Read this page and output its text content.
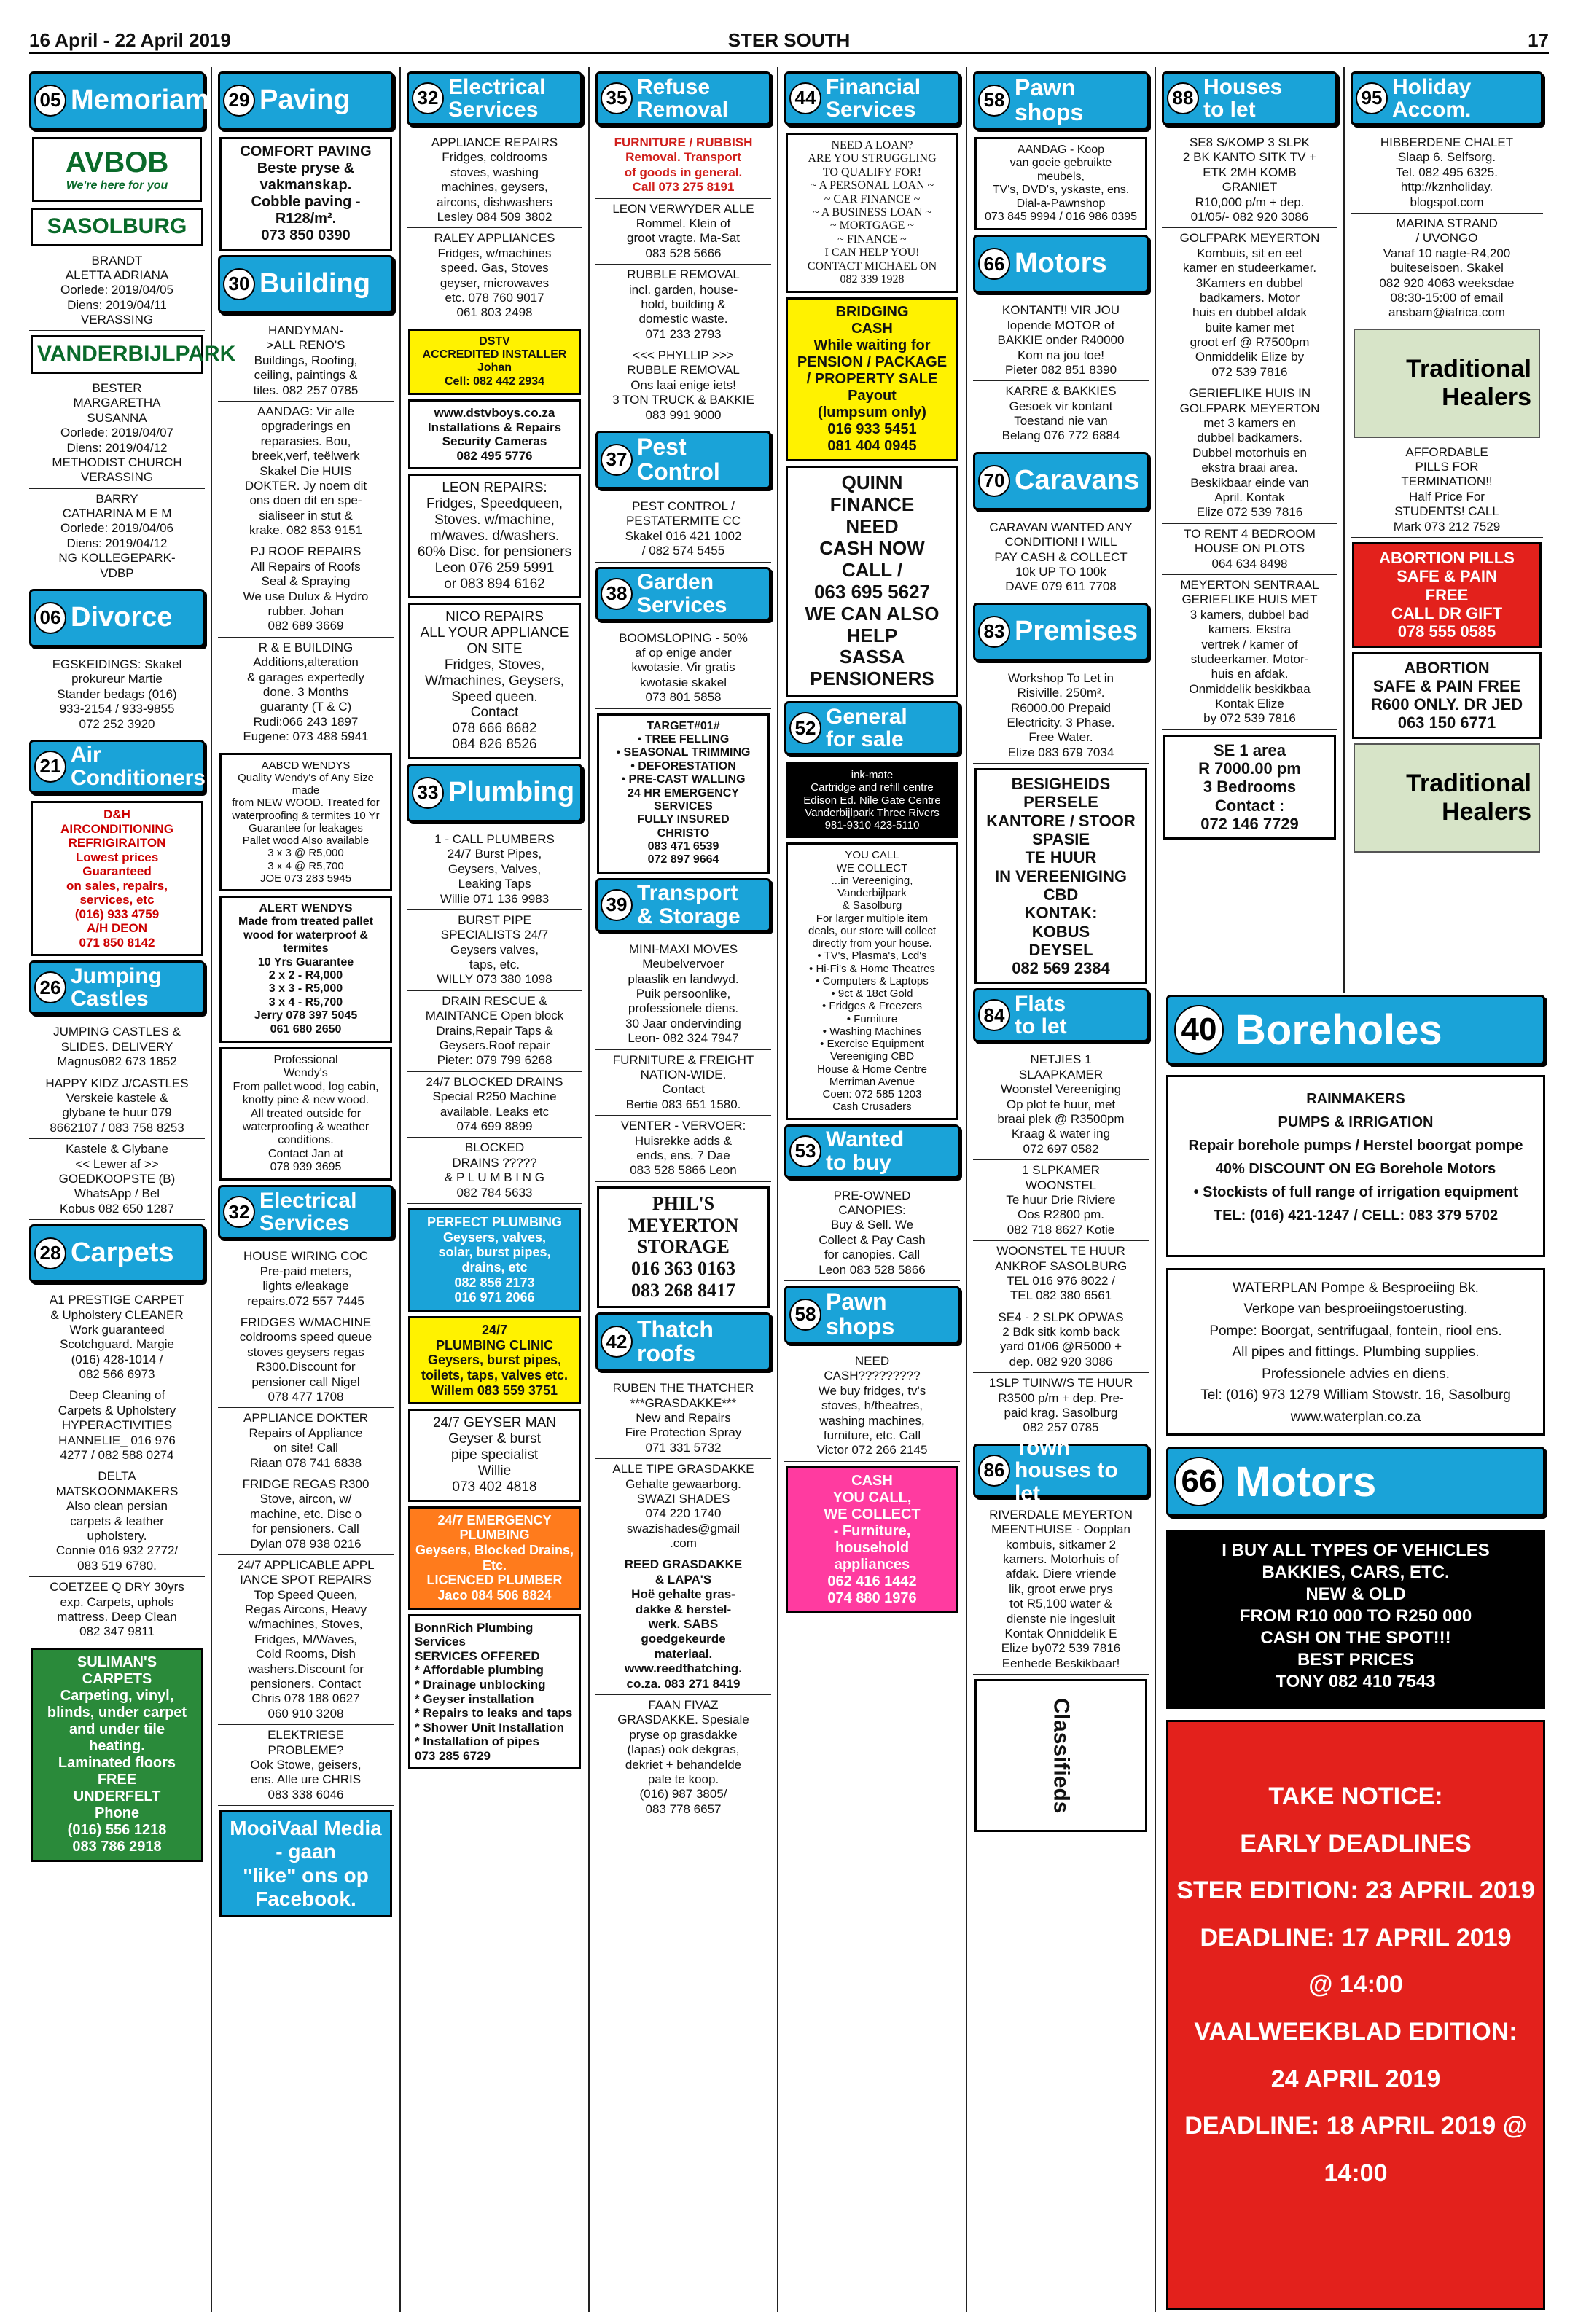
16 April - 22 April 2019	STER SOUTH	17
05 Memoriam
AVBOB
We're here for you
SASOLBURG
BRANDT
ALETTA ADRIANA
Oorlede: 2019/04/05
Diens: 2019/04/11
VERASSING
VANDERBIJLPARK
BESTER
MARGARETHA
SUSANNA
Oorlede: 2019/04/07
Diens: 2019/04/12
METHODIST CHURCH
VERASSING
BARRY
CATHARINA M E M
Oorlede: 2019/04/06
Diens: 2019/04/12
NG KOLLEGEPARK-
VDBP
06 Divorce
EGSKEIDINGS: Skakel
prokureur Martie
Stander bedags (016)
933-2154 / 933-9855
072 252 3920
21 Air
Conditioners
D&H
AIRCONDITIONING
REFRIGIRAITON
Lowest prices
Guaranteed
on sales, repairs,
services, etc
(016) 933 4759
A/H DEON
071 850 8142
26 Jumping
Castles
JUMPING CASTLES &
SLIDES. DELIVERY
Magnus082 673 1852
HAPPY KIDZ J/CASTLES
Verskeie kastele &
glybane te huur 079
8662107 / 083 758 8253
Kastele & Glybane
<< Lewer af >>
GOEDKOOPSTE (B)
WhatsApp / Bel
Kobus 082 650 1287
28 Carpets
A1 PRESTIGE CARPET
& Upholstery CLEANER
Work guaranteed
Scotchguard. Margie
(016) 428-1014 /
082 566 6973
Deep Cleaning of
Carpets & Upholstery
HYPERACTIVITIES
HANNELIE_ 016 976
4277 / 082 588 0274
DELTA
MATSKOONMAKERS
Also clean persian
carpets & leather
upholstery.
Connie 016 932 2772/
083 519 6780.
COETZEE Q DRY 30yrs
exp. Carpets, uphols
mattress. Deep Clean
082 347 9811
SULIMAN'S
CARPETS
Carpeting, vinyl,
blinds, under carpet
and under tile
heating.
Laminated floors
FREE
UNDERFELT
Phone
(016) 556 1218
083 786 2918
29 Paving
COMFORT PAVING
Beste pryse &
vakmanskap.
Cobble paving - R128/m².
073 850 0390
30 Building
HANDYMAN-
>ALL RENO'S
Buildings, Roofing,
ceiling, paintings &
tiles. 082 257 0785
AANDAG: Vir alle
opgraderings en
reparasies. Bou,
breek,verf, teëlwerk
Skakel Die HUIS
DOKTER. Jy noem dit
ons doen dit en spe-
sialiseer in stut &
krake. 082 853 9151
PJ ROOF REPAIRS
All Repairs of Roofs
Seal & Spraying
We use Dulux & Hydro
rubber. Johan
082 689 3669
R & E BUILDING
Additions,alteration
& garages expertedly
done. 3 Months
guaranty (T & C)
Rudi:066 243 1897
Eugene: 073 488 5941
AABCD WENDYS
Quality Wendy's of Any Size made
from NEW WOOD. Treated for
waterproofing & termites 10 Yr
Guarantee for leakages
Pallet wood Also available
3 x 3 @ R5,000
3 x 4 @ R5,700
JOE 073 283 5945
ALERT WENDYS
Made from treated pallet
wood for waterproof &
termites
10 Yrs Guarantee
2 x 2 - R4,000
3 x 3 - R5,000
3 x 4 - R5,700
Jerry 078 397 5045
061 680 2650
Professional
Wendy's
From pallet wood, log cabin,
knotty pine & new wood.
All treated outside for
waterproofing & weather
conditions.
Contact Jan at
078 939 3695
32 Electrical
Services
HOUSE WIRING COC
Pre-paid meters,
lights e/leakage
repairs.072 557 7445
FRIDGES W/MACHINE
coldrooms speed queue
stoves geysers regas
R300.Discount for
pensioner call Nigel
078 477 1708
APPLIANCE DOKTER
Repairs of Appliance
on site! Call
Riaan 078 741 6838
FRIDGE REGAS R300
Stove, aircon, w/
machine, etc. Disc o
for pensioners. Call
Dylan 078 938 0216
24/7 APPLICABLE APPL
IANCE SPOT REPAIRS
Top Speed Queen,
Regas Aircons, Heavy
w/machines, Stoves,
Fridges, M/Waves,
Cold Rooms, Dish
washers.Discount for
pensioners. Contact
Chris 078 188 0627
060 910 3208
ELEKTRIESE
PROBLEME?
Ook Stowe, geisers,
ens. Alle ure CHRIS
083 338 6046
MooiVaal Media - gaan
"like" ons op Facebook.
32 Electrical
Services
APPLIANCE REPAIRS
Fridges, coldrooms
stoves, washing
machines, geysers,
aircons, dishwashers
Lesley 084 509 3802
RALEY APPLIANCES
Fridges, w/machines
speed. Gas, Stoves
geyser, microwaves
etc. 078 760 9017
061 803 2498
DSTV
ACCREDITED INSTALLER
Johan
Cell: 082 442 2934
www.dstvboys.co.za
Installations & Repairs
Security Cameras
082 495 5776
LEON REPAIRS:
Fridges, Speedqueen,
Stoves. w/machine,
m/waves. d/washers.
60% Disc. for pensioners
Leon 076 259 5991
or 083 894 6162
NICO REPAIRS
ALL YOUR APPLIANCE ON SITE
Fridges, Stoves,
W/machines, Geysers,
Speed queen.
Contact
078 666 8682
084 826 8526
33 Plumbing
1 - CALL PLUMBERS
24/7 Burst Pipes,
Geysers, Valves,
Leaking Taps
Willie 071 136 9983
BURST PIPE
SPECIALISTS 24/7
Geysers valves,
taps, etc.
WILLY 073 380 1098
DRAIN RESCUE &
MAINTANCE Open block
Drains,Repair Taps &
Geysers.Roof repair
Pieter: 079 799 6268
24/7 BLOCKED DRAINS
Special R250 Machine
available. Leaks etc
074 699 8899
BLOCKED
DRAINS ?????
& P L U M B I N G
082 784 5633
PERFECT PLUMBING
Geysers, valves,
solar, burst pipes,
drains, etc
082 856 2173
016 971 2066
24/7
PLUMBING CLINIC
Geysers, burst pipes,
toilets, taps, valves etc.
Willem 083 559 3751
24/7 GEYSER MAN
Geyser & burst
pipe specialist
Willie
073 402 4818
24/7 EMERGENCY
PLUMBING
Geysers, Blocked Drains, Etc.
LICENCED PLUMBER
Jaco 084 506 8824
BonnRich Plumbing
Services
SERVICES OFFERED
* Affordable plumbing
* Drainage unblocking
* Geyser installation
* Repairs to leaks and taps
* Shower Unit Installation
* Installation of pipes
073 285 6729
35 Refuse
Removal
FURNITURE / RUBBISH
Removal. Transport
of goods in general.
Call 073 275 8191
LEON VERWYDER ALLE
Rommel. Klein of
groot vragte. Ma-Sat
083 528 5666
RUBBLE REMOVAL
incl. garden, house-
hold, building &
domestic waste.
071 233 2793
<<< PHYLLIP >>>
RUBBLE REMOVAL
Ons laai enige iets!
3 TON TRUCK & BAKKIE
083 991 9000
37 Pest Control
PEST CONTROL /
PESTATERMITE CC
Skakel 016 421 1002
/ 082 574 5455
38 Garden
Services
BOOMSLOPING - 50%
af op enige ander
kwotasie. Vir gratis
kwotasie skakel
073 801 5858
TARGET#01#
• TREE FELLING
• SEASONAL TRIMMING
• DEFORESTATION
• PRE-CAST WALLING
24 HR EMERGENCY SERVICES
FULLY INSURED
CHRISTO
083 471 6539
072 897 9664
39 Transport
& Storage
MINI-MAXI MOVES
Meubelvervoer
plaaslik en landwyd.
Puik persoonlike,
professionele diens.
30 Jaar ondervinding
Leon- 082 324 7947
FURNITURE & FREIGHT
NATION-WIDE.
Contact
Bertie 083 651 1580.
VENTER - VERVOER:
Huisrekke adds &
ends, ens. 7 Dae
083 528 5866 Leon
PHIL'S
MEYERTON STORAGE
016 363 0163
083 268 8417
42 Thatch roofs
RUBEN THE THATCHER
***GRASDAKKE***
New and Repairs
Fire Protection Spray
071 331 5732
ALLE TIPE GRASDAKKE
Gehalte gewaarborg.
SWAZI SHADES
074 220 1740
swazishades@gmail
.com
REED GRASDAKKE
& LAPA'S
Hoë gehalte gras-
dakke & herstel-
werk. SABS
goedgekeurde
materiaal.
www.reedthatching.
co.za. 083 271 8419
FAAN FIVAZ
GRASDAKKE. Spesiale
pryse op grasdakke
(lapas) ook dekgras,
dekriet + behandelde
pale te koop.
(016) 987 3805/
083 778 6657
44 Financial
Services
NEED A LOAN?
ARE YOU STRUGGLING
TO QUALIFY FOR!
~ A PERSONAL LOAN ~
~ CAR FINANCE ~
~ A BUSINESS LOAN ~
~ MORTGAGE ~
~ FINANCE ~
I CAN HELP YOU!
CONTACT MICHAEL ON
082 339 1928
BRIDGING
CASH
While waiting for
PENSION / PACKAGE
/ PROPERTY SALE
Payout
(lumpsum only)
016 933 5451
081 404 0945
QUINN
FINANCE
NEED
CASH NOW
CALL /
063 695 5627
WE CAN ALSO HELP
SASSA PENSIONERS
52 General
for sale
ink-mate
Cartridge and refill centre
Edison Ed. Nile Gate Centre
Vanderbijlpark Three Rivers
981-9310 423-5110
YOU CALL
WE COLLECT
...in Vereeniging,
Vanderbijlpark
& Sasolburg
For larger multiple item
deals, our store will collect
directly from your house.
• TV's, Plasma's, Lcd's
• Hi-Fi's & Home Theatres
• Computers & Laptops
• 9ct & 18ct Gold
• Fridges & Freezers
• Furniture
• Washing Machines
• Exercise Equipment
Vereeniging CBD
House & Home Centre
Merriman Avenue
Coen: 072 585 1203
Cash Crusaders
53 Wanted
to buy
PRE-OWNED
CANOPIES:
Buy & Sell. We
Collect & Pay Cash
for canopies. Call
Leon 083 528 5866
58 Pawn shops
NEED
CASH?????????
We buy fridges, tv's
stoves, h/theatres,
washing machines,
furniture, etc. Call
Victor 072 266 2145
CASH
YOU CALL,
WE COLLECT
- Furniture,
household
appliances
062 416 1442
074 880 1976
58 Pawn shops
AANDAG - Koop
van goeie gebruikte
meubels,
TV's, DVD's, yskaste, ens.
Dial-a-Pawnshop
073 845 9994 / 016 986 0395
66 Motors
KONTANT!! VIR JOU
lopende MOTOR of
BAKKIE onder R40000
Kom na jou toe!
Pieter 082 851 8390
KARRE & BAKKIES
Gesoek vir kontant
Toestand nie van
Belang 076 772 6884
70 Caravans
CARAVAN WANTED ANY
CONDITION! I WILL
PAY CASH & COLLECT
10k UP TO 100k
DAVE 079 611 7708
83 Premises
Workshop To Let in
Risiville. 250m².
R6000.00 Prepaid
Electricity. 3 Phase.
Free Water.
Elize 083 679 7034
BESIGHEIDS
PERSELE
KANTORE / STOOR
SPASIE
TE HUUR
IN VEREENIGING
CBD
KONTAK:
KOBUS
DEYSEL
082 569 2384
84 Flats
to let
NETJIES 1
SLAAPKAMER
Woonstel Vereeniging
Op plot te huur, met
braai plek @ R3500pm
Kraag & water ing
072 697 0582
1 SLPKAMER
WOONSTEL
Te huur Drie Riviere
Oos R2800 pm.
082 718 8627 Kotie
WOONSTEL TE HUUR
ANKROF SASOLBURG
TEL 016 976 8022 /
TEL 082 380 6561
SE4 - 2 SLPK OPWAS
2 Bdk sitk komb back
yard 01/06 @R5000 +
dep. 082 920 3086
1SLP TUINW/S TE HUUR
R3500 p/m + dep. Pre-
paid krag. Sasolburg
082 257 0785
86
Town
houses to let
RIVERDALE MEYERTON
MEENTHUISE - Oopplan
kombuis, sitkamer 2
kamers. Motorhuis of
afdak. Diere vriende
lik, groot erwe prys
tot R5,100 water &
dienste nie ingesluit
Kontak Onniddelik E
Elize by072 539 7816
Eenhede Beskikbaar!
Classifieds
88 Houses
to let
SE8 S/KOMP 3 SLPK
2 BK KANTO SITK TV +
ETK 2MH KOMB
GRANIET
R10,000 p/m + dep.
01/05/- 082 920 3086
GOLFPARK MEYERTON
Kombuis, sit en eet
kamer en studeerkamer.
3Kamers en dubbel
badkamers. Motor
huis en dubbel afdak
buite kamer met
groot erf @ R7500pm
Onmiddelik Elize by
072 539 7816
GERIEFLIKE HUIS IN
GOLFPARK MEYERTON
met 3 kamers en
dubbel badkamers.
Dubbel motorhuis en
ekstra braai area.
Beskikbaar einde van
April. Kontak
Elize 072 539 7816
TO RENT 4 BEDROOM
HOUSE ON PLOTS
064 634 8498
MEYERTON SENTRAAL
GERIEFLIKE HUIS MET
3 kamers, dubbel bad
kamers. Ekstra
vertrek / kamer of
studeerkamer. Motor-
huis en afdak.
Onmiddelik beskikbaa
Kontak Elize
by 072 539 7816
SE 1 area
R 7000.00 pm
3 Bedrooms
Contact :
072 146 7729
95 Holiday
Accom.
HIBBERDENE CHALET
Slaap 6. Selfsorg.
Tel. 082 495 6325.
http://kznholiday.
blogspot.com
MARINA STRAND
/ UVONGO
Vanaf 10 nagte-R4,200
buiteseisoen. Skakel
082 920 4063 weeksdae
08:30-15:00 of email
ansbam@iafrica.com
Traditional
Healers
AFFORDABLE
PILLS FOR
TERMINATION!!
Half Price For
STUDENTS! CALL
Mark 073 212 7529
ABORTION PILLS
SAFE & PAIN
FREE
CALL DR GIFT
078 555 0585
ABORTION
SAFE & PAIN FREE
R600 ONLY. DR JED
063 150 6771
Traditional
Healers
40 Boreholes
RAINMAKERS
PUMPS & IRRIGATION
Repair borehole pumps / Herstel boorgat pompe
40% DISCOUNT ON EG Borehole Motors
• Stockists of full range of irrigation equipment
TEL: (016) 421-1247 / CELL: 083 379 5702
WATERPLAN Pompe & Besproeiing Bk.
Verkope van besproeiingstoerusting.
Pompe: Boorgat, sentrifugaal, fontein, riool ens.
All pipes and fittings. Plumbing supplies.
Professionele advies en diens.
Tel: (016) 973 1279 William Stowstr. 16, Sasolburg
www.waterplan.co.za
66 Motors
I BUY ALL TYPES OF VEHICLES
BAKKIES, CARS, ETC.
NEW & OLD
FROM R10 000 TO R250 000
CASH ON THE SPOT!!!
BEST PRICES
TONY 082 410 7543
TAKE NOTICE:
EARLY DEADLINES
STER EDITION: 23 APRIL 2019
DEADLINE: 17 APRIL 2019
@ 14:00
VAALWEEKBLAD EDITION:
24 APRIL 2019
DEADLINE: 18 APRIL 2019 @ 14:00
